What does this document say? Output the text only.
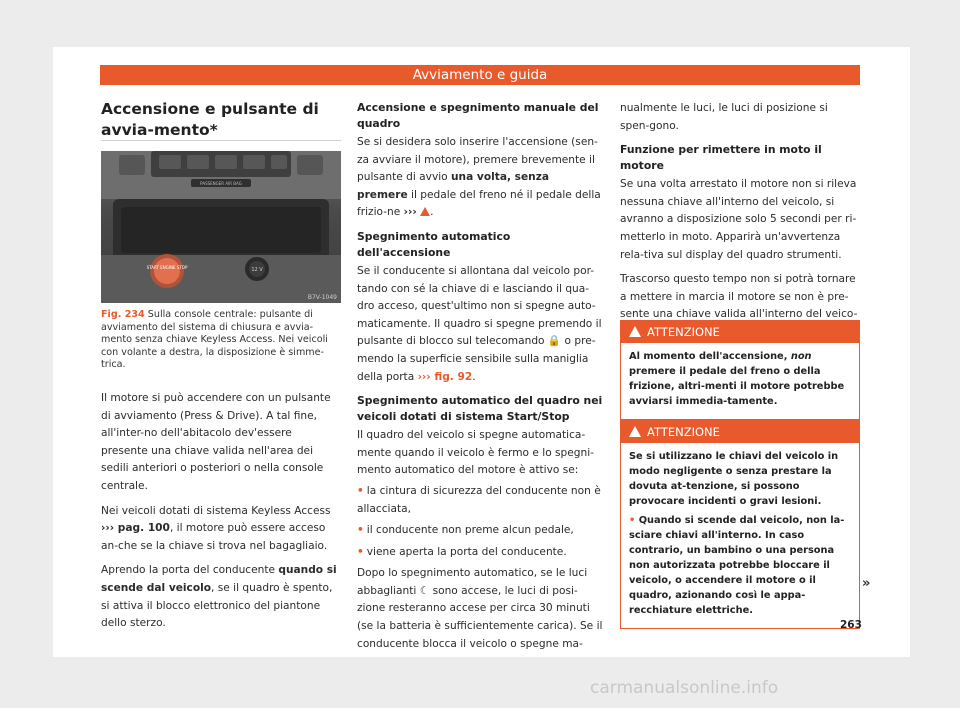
Avviamento e guida
Accensione e pulsante di avvia-mento*
PASSENGER AIR BAG
START ENGINE STOP	12 V
B7V-1049
Fig. 234 Sulla console centrale: pulsante di avviamento del sistema di chiusura e avvia-mento senza chiave Keyless Access. Nei veicoli con volante a destra, la disposizione è simme-trica.

Il motore si può accendere con un pulsante di avviamento (Press & Drive). A tal fine, all'inter-no dell'abitacolo dev'essere presente una chiave valida nell'area dei sedili anteriori o posteriori o nella console centrale.

Nei veicoli dotati di sistema Keyless Access ››› pag. 100, il motore può essere acceso an-che se la chiave si trova nel bagagliaio.

Aprendo la porta del conducente quando si scende dal veicolo, se il quadro è spento, si attiva il blocco elettronico del piantone dello sterzo.

Accensione e spegnimento manuale del quadro

Se si desidera solo inserire l'accensione (sen-za avviare il motore), premere brevemente il pulsante di avvio una volta, senza premere il pedale del freno né il pedale della frizio-ne ››› .

Spegnimento automatico dell'accensione

Se il conducente si allontana dal veicolo por-tando con sé la chiave di e lasciando il qua-dro acceso, quest'ultimo non si spegne auto-maticamente. Il quadro si spegne premendo il pulsante di blocco sul telecomando 🔒 o pre-mendo la superficie sensibile sulla maniglia della porta ››› fig. 92.

Spegnimento automatico del quadro nei veicoli dotati di sistema Start/Stop

Il quadro del veicolo si spegne automatica-mente quando il veicolo è fermo e lo spegni-mento automatico del motore è attivo se:

• la cintura di sicurezza del conducente non è allacciata,

• il conducente non preme alcun pedale,

• viene aperta la porta del conducente.

Dopo lo spegnimento automatico, se le luci abbaglianti ☾ sono accese, le luci di posi-zione resteranno accese per circa 30 minuti (se la batteria è sufficientemente carica). Se il conducente blocca il veicolo o spegne ma-

nualmente le luci, le luci di posizione si spen-gono.

Funzione per rimettere in moto il motore

Se una volta arrestato il motore non si rileva nessuna chiave all'interno del veicolo, si avranno a disposizione solo 5 secondi per ri-metterlo in moto. Apparirà un'avvertenza rela-tiva sul display del quadro strumenti.

Trascorso questo tempo non si potrà tornare a mettere in marcia il motore se non è pre-sente una chiave valida all'interno del veico-

ATTENZIONE

Al momento dell'accensione, non premere il pedale del freno o della frizione, altri-menti il motore potrebbe avviarsi immedia-tamente.

ATTENZIONE

Se si utilizzano le chiavi del veicolo in modo negligente o senza prestare la dovuta at-tenzione, si possono provocare incidenti o gravi lesioni.

• Quando si scende dal veicolo, non la-sciare chiavi all'interno. In caso contrario, un bambino o una persona non autorizzata potrebbe bloccare il veicolo, o accendere il motore o il quadro, azionando così le appa-recchiature elettriche.

»
263
carmanualsonline.info
